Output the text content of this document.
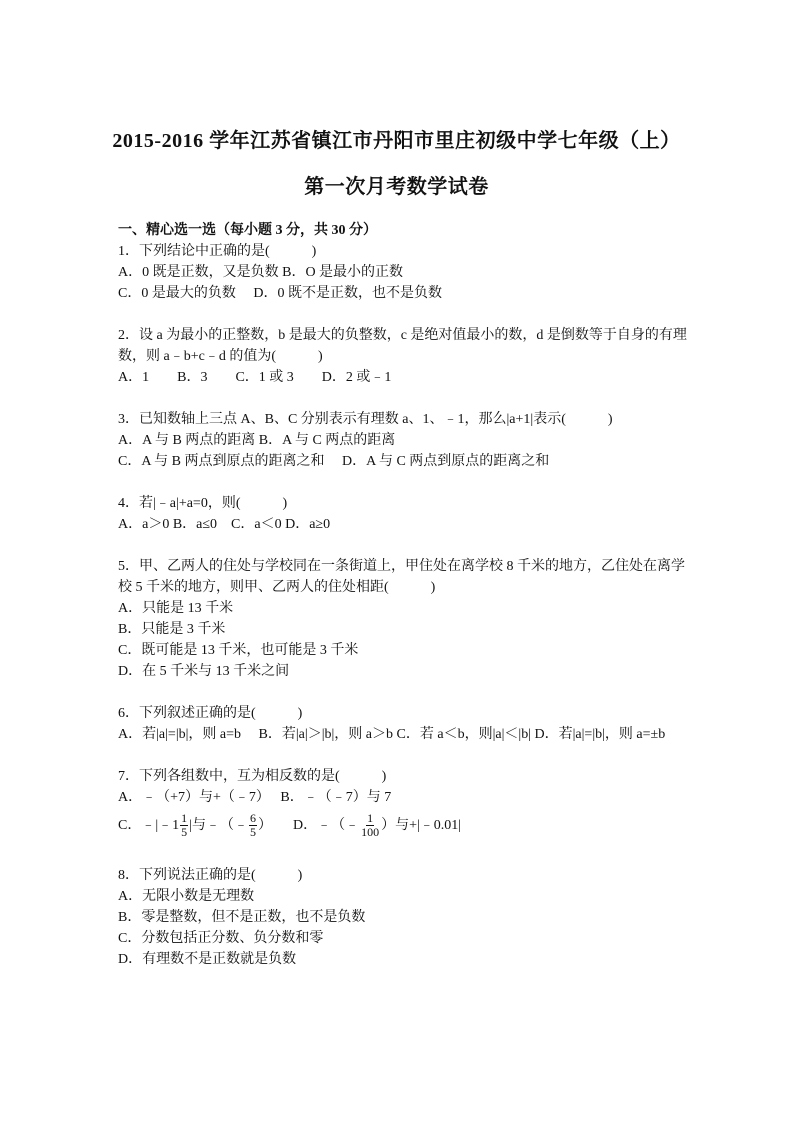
2015-2016 学年江苏省镇江市丹阳市里庄初级中学七年级（上）
第一次月考数学试卷
一、精心选一选（每小题 3 分，共 30 分）
1．下列结论中正确的是(　　　)
A．0 既是正数，又是负数 B．O 是最小的正数
C．0 是最大的负数　 D．0 既不是正数，也不是负数
2．设 a 为最小的正整数，b 是最大的负整数，c 是绝对值最小的数，d 是倒数等于自身的有理数，则 a﹣b+c﹣d 的值为(　　　)
A．1　　B．3　　C．1 或 3　　D．2 或﹣1
3．已知数轴上三点 A、B、C 分别表示有理数 a、1、﹣1，那么|a+1|表示(　　　)
A．A 与 B 两点的距离 B．A 与 C 两点的距离
C．A 与 B 两点到原点的距离之和　 D．A 与 C 两点到原点的距离之和
4．若|﹣a|+a=0，则(　　　)
A．a＞0 B．a≤0　C．a＜0 D．a≥0
5．甲、乙两人的住处与学校同在一条街道上，甲住处在离学校 8 千米的地方，乙住处在离学校 5 千米的地方，则甲、乙两人的住处相距(　　　)
A．只能是 13 千米
B．只能是 3 千米
C．既可能是 13 千米，也可能是 3 千米
D．在 5 千米与 13 千米之间
6．下列叙述正确的是(　　　)
A．若|a|=|b|，则 a=b　 B．若|a|＞|b|，则 a＞b C．若 a＜b，则|a|＜|b| D．若|a|=|b|，则 a=±b
7．下列各组数中，互为相反数的是(　　　)
A．﹣（+7）与+（﹣7）　 B．﹣（﹣7）与 7
C．﹣|﹣1 $\frac{1}{5}$ |与﹣（﹣ $\frac{6}{5}$ ）　　 D．﹣（﹣ $\frac{1}{100}$ ）与+|﹣0.01|
8．下列说法正确的是(　　　)
A．无限小数是无理数
B．零是整数，但不是正数，也不是负数
C．分数包括正分数、负分数和零
D．有理数不是正数就是负数
